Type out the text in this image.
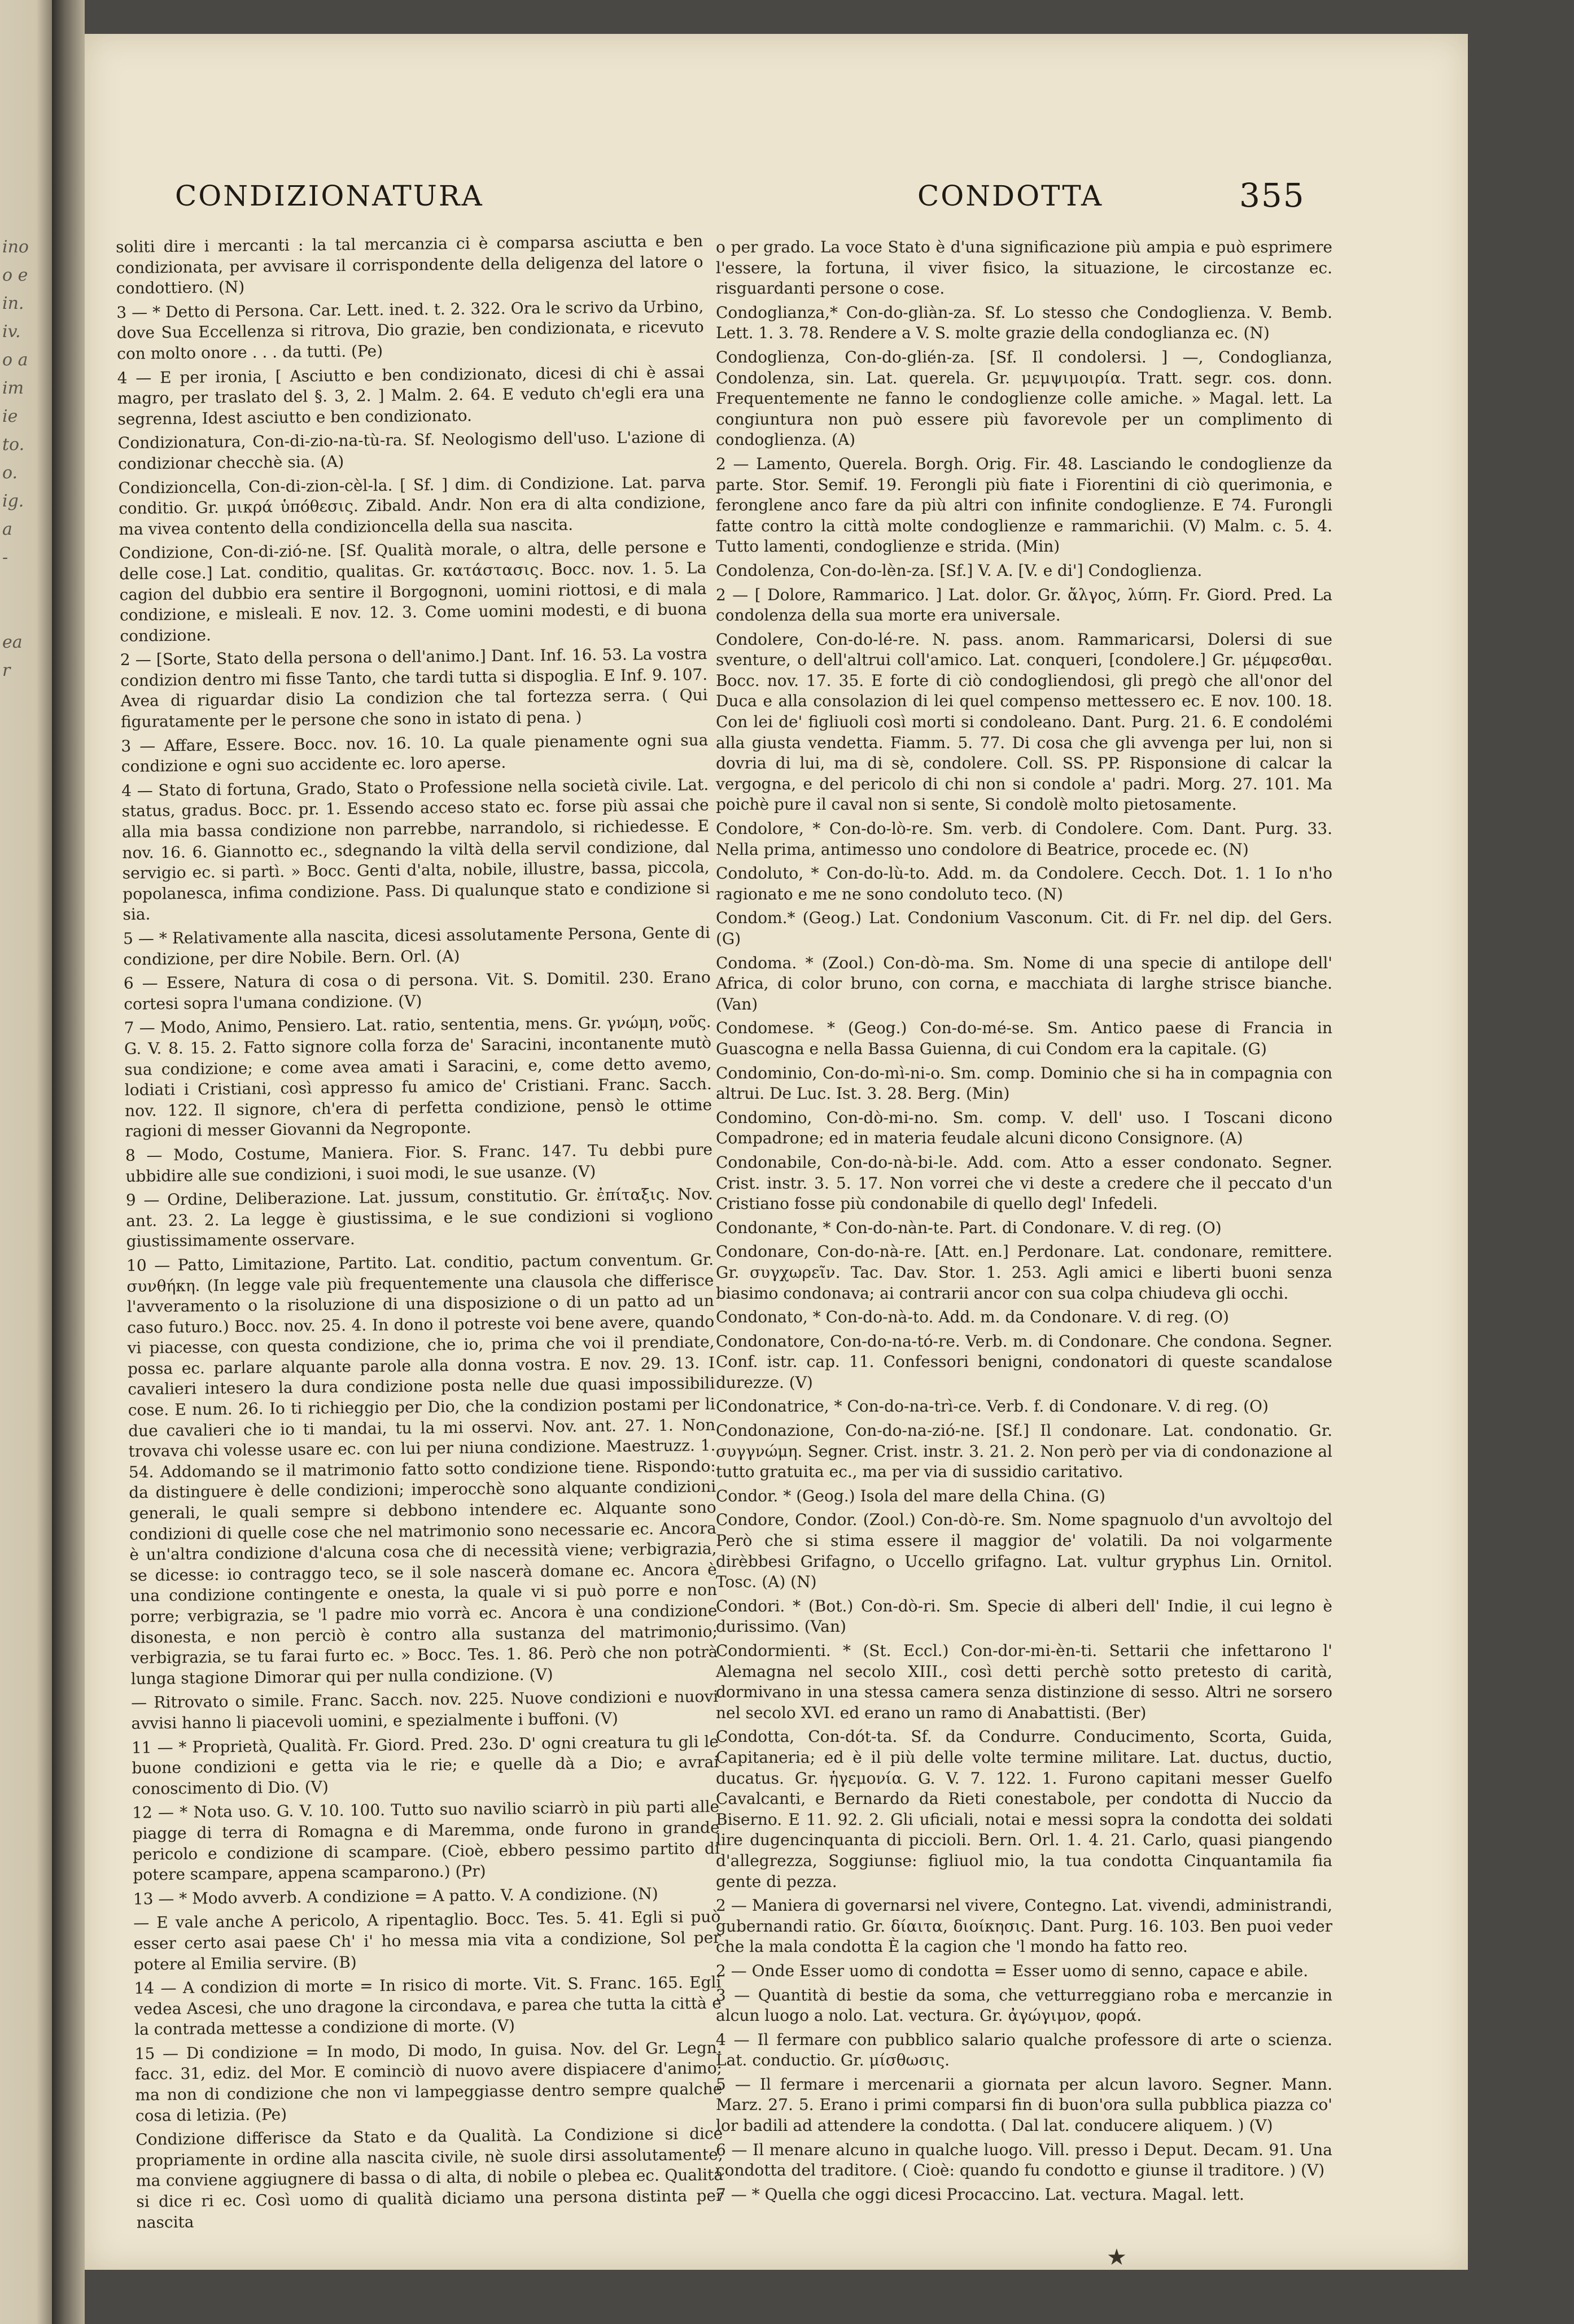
ino
o e
in.
iv.
o a
im
ie
to.
o.
ig.
a
-
ea
r
CONDIZIONATURA	CONDOTTA	355

soliti dire i mercanti : la tal mercanzia ci è comparsa asciutta e ben condizionata, per avvisare il corrispondente della deligenza del latore o condottiero. (N)

3 — * Detto di Persona. Car. Lett. ined. t. 2. 322. Ora le scrivo da Urbino, dove Sua Eccellenza si ritrova, Dio grazie, ben condizionata, e ricevuto con molto onore . . . da tutti. (Pe)

4 — E per ironia, [ Asciutto e ben condizionato, dicesi di chi è assai magro, per traslato del §. 3, 2. ] Malm. 2. 64. E veduto ch'egli era una segrenna, Idest asciutto e ben condizionato.

Condizionatura, Con-di-zio-na-tù-ra. Sf. Neologismo dell'uso. L'azione di condizionar checchè sia. (A)

Condizioncella, Con-di-zion-cèl-la. [ Sf. ] dim. di Condizione. Lat. parva conditio. Gr. μικρά ὑπόθεσις. Zibald. Andr. Non era di alta condizione, ma vivea contento della condizioncella della sua nascita.

Condizione, Con-di-zió-ne. [Sf. Qualità morale, o altra, delle persone e delle cose.] Lat. conditio, qualitas. Gr. κατάστασις. Bocc. nov. 1. 5. La cagion del dubbio era sentire il Borgognoni, uomini riottosi, e di mala condizione, e misleali. E nov. 12. 3. Come uomini modesti, e di buona condizione.

2 — [Sorte, Stato della persona o dell'animo.] Dant. Inf. 16. 53. La vostra condizion dentro mi fisse Tanto, che tardi tutta si dispoglia. E Inf. 9. 107. Avea di riguardar disio La condizion che tal fortezza serra. ( Qui figuratamente per le persone che sono in istato di pena. )

3 — Affare, Essere. Bocc. nov. 16. 10. La quale pienamente ogni sua condizione e ogni suo accidente ec. loro aperse.

4 — Stato di fortuna, Grado, Stato o Professione nella società civile. Lat. status, gradus. Bocc. pr. 1. Essendo acceso stato ec. forse più assai che alla mia bassa condizione non parrebbe, narrandolo, si richiedesse. E nov. 16. 6. Giannotto ec., sdegnando la viltà della servil condizione, dal servigio ec. si partì. » Bocc. Genti d'alta, nobile, illustre, bassa, piccola, popolanesca, infima condizione. Pass. Di qualunque stato e condizione si sia.

5 — * Relativamente alla nascita, dicesi assolutamente Persona, Gente di condizione, per dire Nobile. Bern. Orl. (A)

6 — Essere, Natura di cosa o di persona. Vit. S. Domitil. 230. Erano cortesi sopra l'umana condizione. (V)

7 — Modo, Animo, Pensiero. Lat. ratio, sententia, mens. Gr. γνώμη, νοῦς. G. V. 8. 15. 2. Fatto signore colla forza de' Saracini, incontanente mutò sua condizione; e come avea amati i Saracini, e, come detto avemo, lodiati i Cristiani, così appresso fu amico de' Cristiani. Franc. Sacch. nov. 122. Il signore, ch'era di perfetta condizione, pensò le ottime ragioni di messer Giovanni da Negroponte.

8 — Modo, Costume, Maniera. Fior. S. Franc. 147. Tu debbi pure ubbidire alle sue condizioni, i suoi modi, le sue usanze. (V)

9 — Ordine, Deliberazione. Lat. jussum, constitutio. Gr. ἐπίταξις. Nov. ant. 23. 2. La legge è giustissima, e le sue condizioni si vogliono giustissimamente osservare.

10 — Patto, Limitazione, Partito. Lat. conditio, pactum conventum. Gr. συνθήκη. (In legge vale più frequentemente una clausola che differisce l'avveramento o la risoluzione di una disposizione o di un patto ad un caso futuro.) Bocc. nov. 25. 4. In dono il potreste voi bene avere, quando vi piacesse, con questa condizione, che io, prima che voi il prendiate, possa ec. parlare alquante parole alla donna vostra. E nov. 29. 13. I cavalieri intesero la dura condizione posta nelle due quasi impossibili cose. E num. 26. Io ti richieggio per Dio, che la condizion postami per li due cavalieri che io ti mandai, tu la mi osservi. Nov. ant. 27. 1. Non trovava chi volesse usare ec. con lui per niuna condizione. Maestruzz. 1. 54. Addomando se il matrimonio fatto sotto condizione tiene. Rispondo: da distinguere è delle condizioni; imperocchè sono alquante condizioni generali, le quali sempre si debbono intendere ec. Alquante sono condizioni di quelle cose che nel matrimonio sono necessarie ec. Ancora è un'altra condizione d'alcuna cosa che di necessità viene; verbigrazia, se dicesse: io contraggo teco, se il sole nascerà domane ec. Ancora è una condizione contingente e onesta, la quale vi si può porre e non porre; verbigrazia, se 'l padre mio vorrà ec. Ancora è una condizione disonesta, e non perciò è contro alla sustanza del matrimonio; verbigrazia, se tu farai furto ec. » Bocc. Tes. 1. 86. Però che non potrà lunga stagione Dimorar qui per nulla condizione. (V)

— Ritrovato o simile. Franc. Sacch. nov. 225. Nuove condizioni e nuovi avvisi hanno li piacevoli uomini, e spezialmente i buffoni. (V)

11 — * Proprietà, Qualità. Fr. Giord. Pred. 23o. D' ogni creatura tu gli le buone condizioni e getta via le rie; e quelle dà a Dio; e avrai conoscimento di Dio. (V)

12 — * Nota uso. G. V. 10. 100. Tutto suo navilio sciarrò in più parti alle piagge di terra di Romagna e di Maremma, onde furono in grande pericolo e condizione di scampare. (Cioè, ebbero pessimo partito di potere scampare, appena scamparono.) (Pr)

13 — * Modo avverb. A condizione = A patto. V. A condizione. (N)

— E vale anche A pericolo, A ripentaglio. Bocc. Tes. 5. 41. Egli si può esser certo asai paese Ch' i' ho messa mia vita a condizione, Sol per potere al Emilia servire. (B)

14 — A condizion di morte = In risico di morte. Vit. S. Franc. 165. Egli vedea Ascesi, che uno dragone la circondava, e parea che tutta la città e la contrada mettesse a condizione di morte. (V)

15 — Di condizione = In modo, Di modo, In guisa. Nov. del Gr. Legn. facc. 31, ediz. del Mor. E cominciò di nuovo avere dispiacere d'animo; ma non di condizione che non vi lampeggiasse dentro sempre qualche cosa di letizia. (Pe)

Condizione differisce da Stato e da Qualità. La Condizione si dice propriamente in ordine alla nascita civile, nè suole dirsi assolutamente, ma conviene aggiugnere di bassa o di alta, di nobile o plebea ec. Qualità si dice ri ec. Così uomo di qualità diciamo una persona distinta per nascita

o per grado. La voce Stato è d'una significazione più ampia e può esprimere l'essere, la fortuna, il viver fisico, la situazione, le circostanze ec. risguardanti persone o cose.

Condoglianza,* Con-do-gliàn-za. Sf. Lo stesso che Condoglienza. V. Bemb. Lett. 1. 3. 78. Rendere a V. S. molte grazie della condoglianza ec. (N)

Condoglienza, Con-do-glién-za. [Sf. Il condolersi. ] —, Condoglianza, Condolenza, sin. Lat. querela. Gr. μεμψιμοιρία. Tratt. segr. cos. donn. Frequentemente ne fanno le condoglienze colle amiche. » Magal. lett. La congiuntura non può essere più favorevole per un complimento di condoglienza. (A)

2 — Lamento, Querela. Borgh. Orig. Fir. 48. Lasciando le condoglienze da parte. Stor. Semif. 19. Ferongli più fiate i Fiorentini di ciò querimonia, e feronglene anco fare da più altri con infinite condoglienze. E 74. Furongli fatte contro la città molte condoglienze e rammarichii. (V) Malm. c. 5. 4. Tutto lamenti, condoglienze e strida. (Min)

Condolenza, Con-do-lèn-za. [Sf.] V. A. [V. e di'] Condoglienza.

2 — [ Dolore, Rammarico. ] Lat. dolor. Gr. ἄλγος, λύπη. Fr. Giord. Pred. La condolenza della sua morte era universale.

Condolere, Con-do-lé-re. N. pass. anom. Rammaricarsi, Dolersi di sue sventure, o dell'altrui coll'amico. Lat. conqueri, [condolere.] Gr. μέμφεσθαι. Bocc. nov. 17. 35. E forte di ciò condogliendosi, gli pregò che all'onor del Duca e alla consolazion di lei quel compenso mettessero ec. E nov. 100. 18. Con lei de' figliuoli così morti si condoleano. Dant. Purg. 21. 6. E condolémi alla giusta vendetta. Fiamm. 5. 77. Di cosa che gli avvenga per lui, non si dovria di lui, ma di sè, condolere. Coll. SS. PP. Risponsione di calcar la vergogna, e del pericolo di chi non si condole a' padri. Morg. 27. 101. Ma poichè pure il caval non si sente, Si condolè molto pietosamente.

Condolore, * Con-do-lò-re. Sm. verb. di Condolere. Com. Dant. Purg. 33. Nella prima, antimesso uno condolore di Beatrice, procede ec. (N)

Condoluto, * Con-do-lù-to. Add. m. da Condolere. Cecch. Dot. 1. 1 Io n'ho ragionato e me ne sono condoluto teco. (N)

Condom.* (Geog.) Lat. Condonium Vasconum. Cit. di Fr. nel dip. del Gers. (G)

Condoma. * (Zool.) Con-dò-ma. Sm. Nome di una specie di antilope dell' Africa, di color bruno, con corna, e macchiata di larghe strisce bianche. (Van)

Condomese. * (Geog.) Con-do-mé-se. Sm. Antico paese di Francia in Guascogna e nella Bassa Guienna, di cui Condom era la capitale. (G)

Condominio, Con-do-mì-ni-o. Sm. comp. Dominio che si ha in compagnia con altrui. De Luc. Ist. 3. 28. Berg. (Min)

Condomino, Con-dò-mi-no. Sm. comp. V. dell' uso. I Toscani dicono Compadrone; ed in materia feudale alcuni dicono Consignore. (A)

Condonabile, Con-do-nà-bi-le. Add. com. Atto a esser condonato. Segner. Crist. instr. 3. 5. 17. Non vorrei che vi deste a credere che il peccato d'un Cristiano fosse più condonabile di quello degl' Infedeli.

Condonante, * Con-do-nàn-te. Part. di Condonare. V. di reg. (O)

Condonare, Con-do-nà-re. [Att. en.] Perdonare. Lat. condonare, remittere. Gr. συγχωρεῖν. Tac. Dav. Stor. 1. 253. Agli amici e liberti buoni senza biasimo condonava; ai contrarii ancor con sua colpa chiudeva gli occhi.

Condonato, * Con-do-nà-to. Add. m. da Condonare. V. di reg. (O)

Condonatore, Con-do-na-tó-re. Verb. m. di Condonare. Che condona. Segner. Conf. istr. cap. 11. Confessori benigni, condonatori di queste scandalose durezze. (V)

Condonatrice, * Con-do-na-trì-ce. Verb. f. di Condonare. V. di reg. (O)

Condonazione, Con-do-na-zió-ne. [Sf.] Il condonare. Lat. condonatio. Gr. συγγνώμη. Segner. Crist. instr. 3. 21. 2. Non però per via di condonazione al tutto gratuita ec., ma per via di sussidio caritativo.

Condor. * (Geog.) Isola del mare della China. (G)

Condore, Condor. (Zool.) Con-dò-re. Sm. Nome spagnuolo d'un avvoltojo del Però che si stima essere il maggior de' volatili. Da noi volgarmente dirèbbesi Grifagno, o Uccello grifagno. Lat. vultur gryphus Lin. Ornitol. Tosc. (A) (N)

Condori. * (Bot.) Con-dò-ri. Sm. Specie di alberi dell' Indie, il cui legno è durissimo. (Van)

Condormienti. * (St. Eccl.) Con-dor-mi-èn-ti. Settarii che infettarono l' Alemagna nel secolo XIII., così detti perchè sotto pretesto di carità, dormivano in una stessa camera senza distinzione di sesso. Altri ne sorsero nel secolo XVI. ed erano un ramo di Anabattisti. (Ber)

Condotta, Con-dót-ta. Sf. da Condurre. Conducimento, Scorta, Guida, Capitaneria; ed è il più delle volte termine militare. Lat. ductus, ductio, ducatus. Gr. ἡγεμονία. G. V. 7. 122. 1. Furono capitani messer Guelfo Cavalcanti, e Bernardo da Rieti conestabole, per condotta di Nuccio da Biserno. E 11. 92. 2. Gli uficiali, notai e messi sopra la condotta dei soldati lire dugencinquanta di piccioli. Bern. Orl. 1. 4. 21. Carlo, quasi piangendo d'allegrezza, Soggiunse: figliuol mio, la tua condotta Cinquantamila fia gente di pezza.

2 — Maniera di governarsi nel vivere, Contegno. Lat. vivendi, administrandi, gubernandi ratio. Gr. δίαιτα, διοίκησις. Dant. Purg. 16. 103. Ben puoi veder che la mala condotta È la cagion che 'l mondo ha fatto reo.

2 — Onde Esser uomo di condotta = Esser uomo di senno, capace e abile.

3 — Quantità di bestie da soma, che vetturreggiano roba e mercanzie in alcun luogo a nolo. Lat. vectura. Gr. ἀγώγιμον, φορά.

4 — Il fermare con pubblico salario qualche professore di arte o scienza. Lat. conductio. Gr. μίσθωσις.

5 — Il fermare i mercenarii a giornata per alcun lavoro. Segner. Mann. Marz. 27. 5. Erano i primi comparsi fin di buon'ora sulla pubblica piazza co' lor badili ad attendere la condotta. ( Dal lat. conducere aliquem. ) (V)

6 — Il menare alcuno in qualche luogo. Vill. presso i Deput. Decam. 91. Una condotta del traditore. ( Cioè: quando fu condotto e giunse il traditore. ) (V)

7 — * Quella che oggi dicesi Procaccino. Lat. vectura. Magal. lett.

★
